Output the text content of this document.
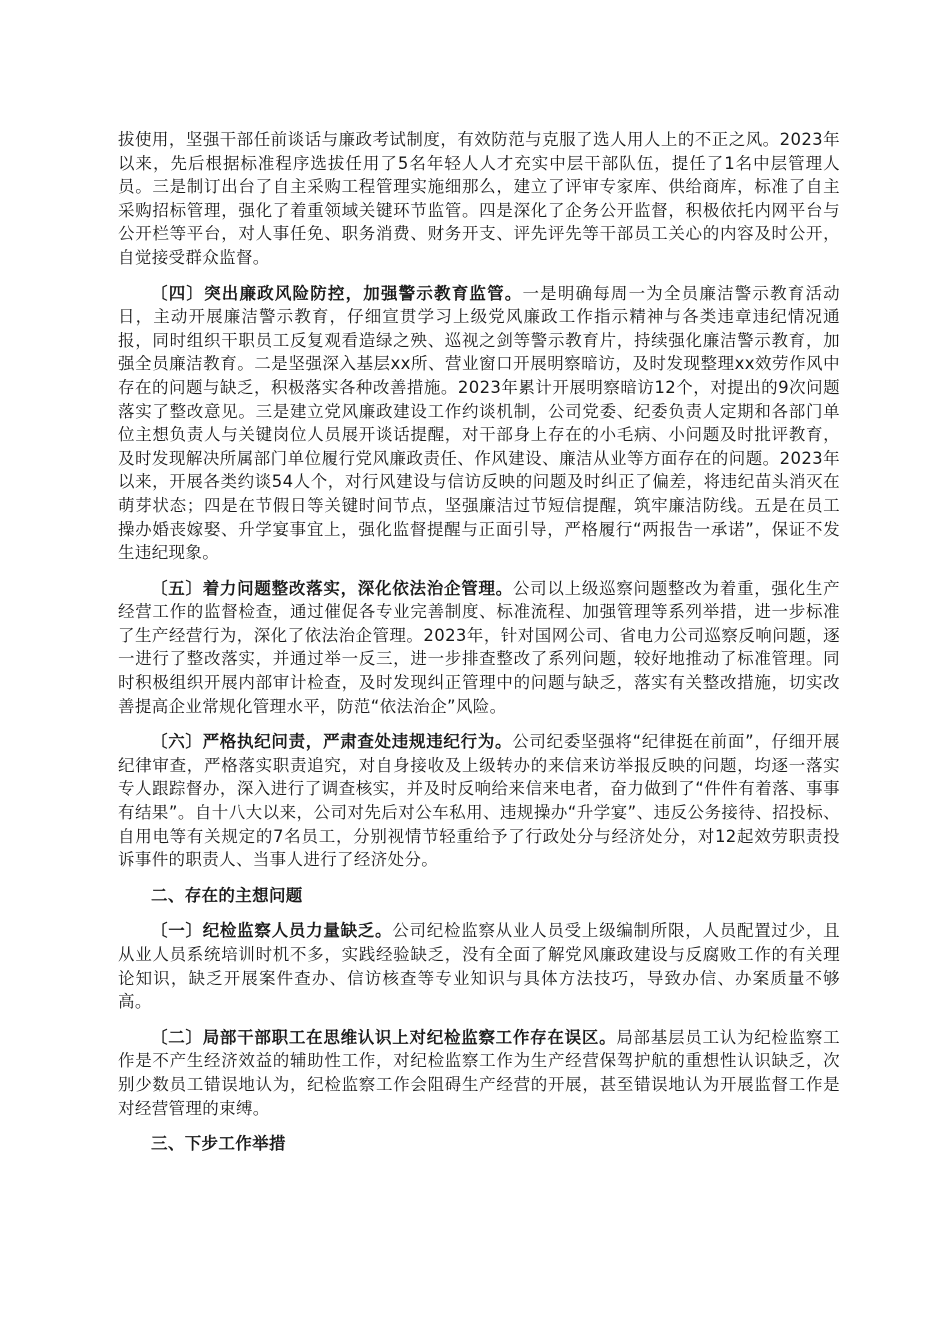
拔使用，坚强干部任前谈话与廉政考试制度，有效防范与克服了选人用人上的不正之风。2023年以来，先后根据标准程序选拔任用了5名年轻人人才充实中层干部队伍，提任了1名中层管理人员。三是制订出台了自主采购工程管理实施细那么，建立了评审专家库、供给商库，标准了自主采购招标管理，强化了着重领域关键环节监管。四是深化了企务公开监督，积极依托内网平台与公开栏等平台，对人事任免、职务消费、财务开支、评先评先等干部员工关心的内容及时公开，自觉接受群众监督。

〔四〕突出廉政风险防控，加强警示教育监管。一是明确每周一为全员廉洁警示教育活动日，主动开展廉洁警示教育，仔细宣贯学习上级党风廉政工作指示精神与各类违章违纪情况通报，同时组织干职员工反复观看造绿之殃、巡视之剑等警示教育片，持续强化廉洁警示教育，加强全员廉洁教育。二是坚强深入基层xx所、营业窗口开展明察暗访，及时发现整理xx效劳作风中存在的问题与缺乏，积极落实各种改善措施。2023年累计开展明察暗访12个，对提出的9次问题落实了整改意见。三是建立党风廉政建设工作约谈机制，公司党委、纪委负责人定期和各部门单位主想负责人与关键岗位人员展开谈话提醒，对干部身上存在的小毛病、小问题及时批评教育，及时发现解决所属部门单位履行党风廉政责任、作风建设、廉洁从业等方面存在的问题。2023年以来，开展各类约谈54人个，对行风建设与信访反映的问题及时纠正了偏差，将违纪苗头消灭在萌芽状态；四是在节假日等关键时间节点，坚强廉洁过节短信提醒，筑牢廉洁防线。五是在员工操办婚丧嫁娶、升学宴事宜上，强化监督提醒与正面引导，严格履行“两报告一承诺”，保证不发生违纪现象。

〔五〕着力问题整改落实，深化依法治企管理。公司以上级巡察问题整改为着重，强化生产经营工作的监督检查，通过催促各专业完善制度、标准流程、加强管理等系列举措，进一步标准了生产经营行为，深化了依法治企管理。2023年，针对国网公司、省电力公司巡察反响问题，逐一进行了整改落实，并通过举一反三，进一步排查整改了系列问题，较好地推动了标准管理。同时积极组织开展内部审计检查，及时发现纠正管理中的问题与缺乏，落实有关整改措施，切实改善提高企业常规化管理水平，防范“依法治企”风险。

〔六〕严格执纪问责，严肃查处违规违纪行为。公司纪委坚强将“纪律挺在前面”，仔细开展纪律审查，严格落实职责追究，对自身接收及上级转办的来信来访举报反映的问题，均逐一落实专人跟踪督办，深入进行了调查核实，并及时反响给来信来电者，奋力做到了“件件有着落、事事有结果”。自十八大以来，公司对先后对公车私用、违规操办“升学宴”、违反公务接待、招投标、自用电等有关规定的7名员工，分别视情节轻重给予了行政处分与经济处分，对12起效劳职责投诉事件的职责人、当事人进行了经济处分。

二、存在的主想问题

〔一〕纪检监察人员力量缺乏。公司纪检监察从业人员受上级编制所限，人员配置过少，且从业人员系统培训时机不多，实践经验缺乏，没有全面了解党风廉政建设与反腐败工作的有关理论知识，缺乏开展案件查办、信访核查等专业知识与具体方法技巧，导致办信、办案质量不够高。

〔二〕局部干部职工在思维认识上对纪检监察工作存在误区。局部基层员工认为纪检监察工作是不产生经济效益的辅助性工作，对纪检监察工作为生产经营保驾护航的重想性认识缺乏，次别少数员工错误地认为，纪检监察工作会阻碍生产经营的开展，甚至错误地认为开展监督工作是对经营管理的束缚。

三、下步工作举措
